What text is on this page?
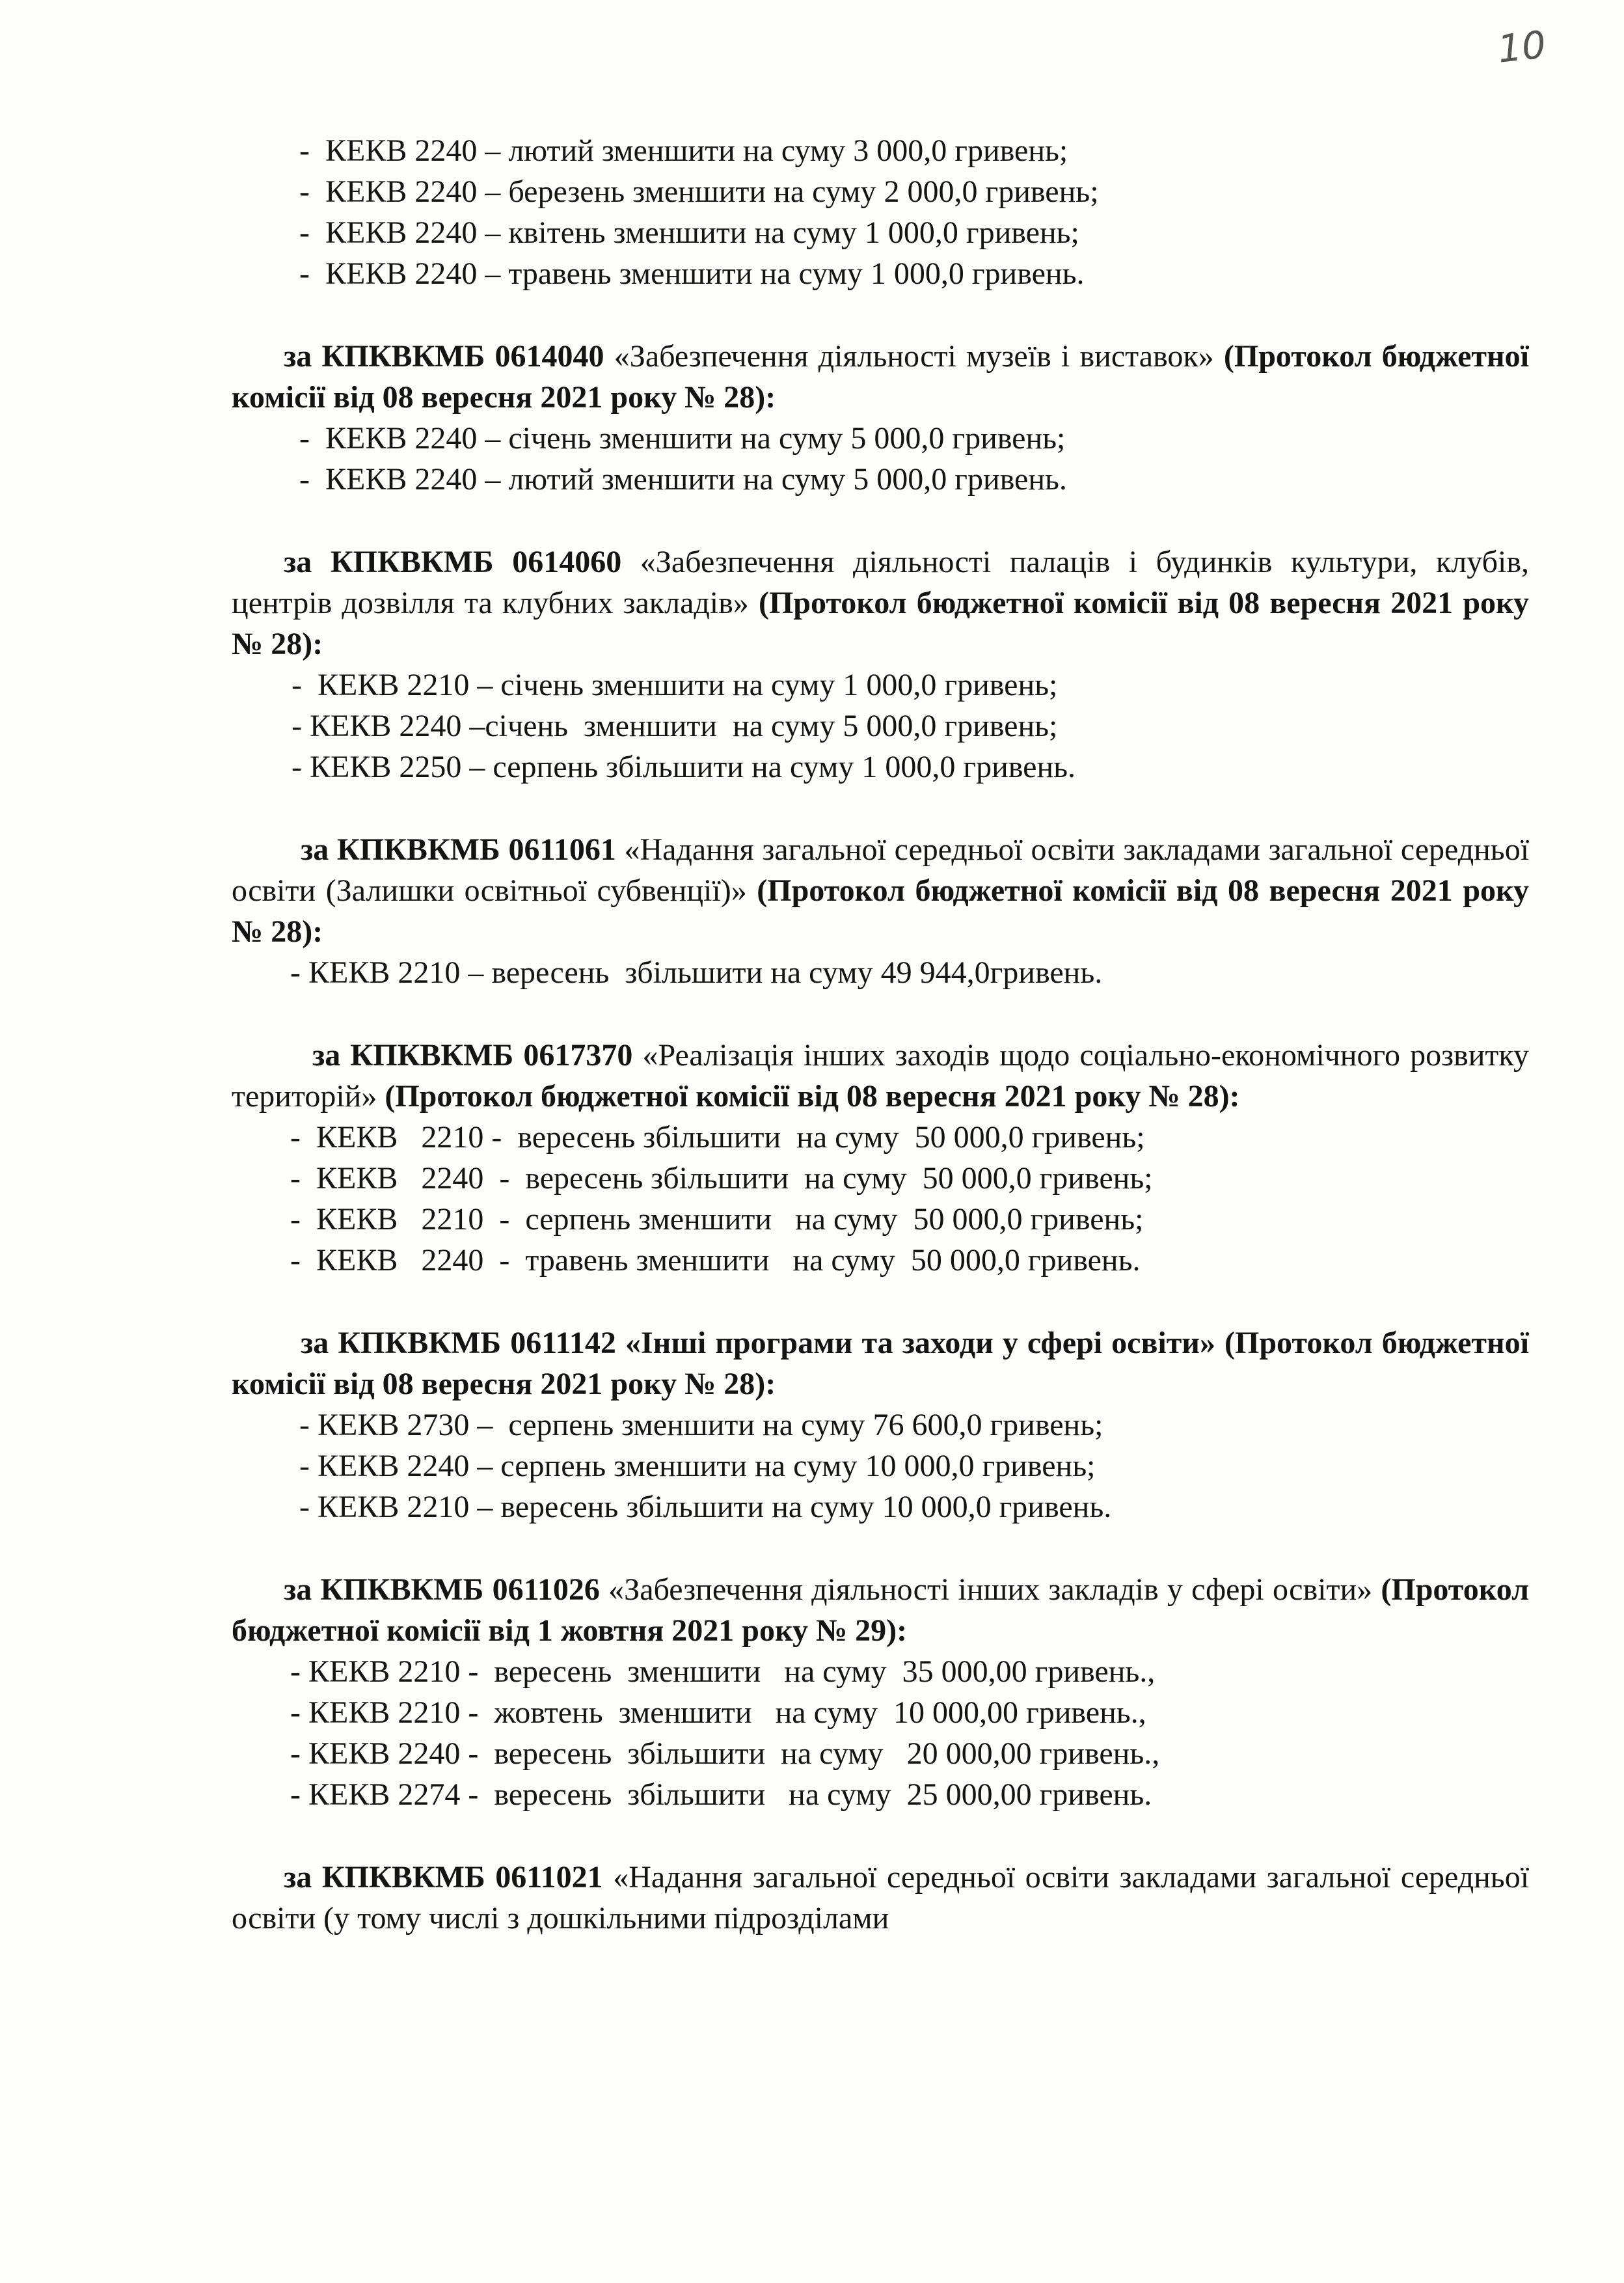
10
-  КЕКВ 2240 – лютий зменшити на суму 3 000,0 гривень;
-  КЕКВ 2240 – березень зменшити на суму 2 000,0 гривень;
-  КЕКВ 2240 – квітень зменшити на суму 1 000,0 гривень;
-  КЕКВ 2240 – травень зменшити на суму 1 000,0 гривень.

за КПКВКМБ 0614040 «Забезпечення діяльності музеїв і виставок» (Протокол бюджетної комісії від 08 вересня 2021 року № 28):

-  КЕКВ 2240 – січень зменшити на суму 5 000,0 гривень;
-  КЕКВ 2240 – лютий зменшити на суму 5 000,0 гривень.

за КПКВКМБ 0614060 «Забезпечення діяльності палаців і будинків культури, клубів, центрів дозвілля та клубних закладів» (Протокол бюджетної комісії від 08 вересня 2021 року № 28):

-  КЕКВ 2210 – січень зменшити на суму 1 000,0 гривень;
- КЕКВ 2240 –січень  зменшити  на суму 5 000,0 гривень;
- КЕКВ 2250 – серпень збільшити на суму 1 000,0 гривень.

за КПКВКМБ 0611061 «Надання загальної середньої освіти закладами загальної середньої освіти (Залишки освітньої субвенції)» (Протокол бюджетної комісії від 08 вересня 2021 року № 28):

- КЕКВ 2210 – вересень  збільшити на суму 49 944,0гривень.

за КПКВКМБ 0617370 «Реалізація інших заходів щодо соціально-економічного розвитку територій» (Протокол бюджетної комісії від 08 вересня 2021 року № 28):

-  КЕКВ   2210 -  вересень збільшити  на суму  50 000,0 гривень;
-  КЕКВ   2240  -  вересень збільшити  на суму  50 000,0 гривень;
-  КЕКВ   2210  -  серпень зменшити   на суму  50 000,0 гривень;
-  КЕКВ   2240  -  травень зменшити   на суму  50 000,0 гривень.

за КПКВКМБ 0611142 «Інші програми та заходи у сфері освіти» (Протокол бюджетної комісії від 08 вересня 2021 року № 28):

- КЕКВ 2730 –  серпень зменшити на суму 76 600,0 гривень;
- КЕКВ 2240 – серпень зменшити на суму 10 000,0 гривень;
- КЕКВ 2210 – вересень збільшити на суму 10 000,0 гривень.

за КПКВКМБ 0611026 «Забезпечення діяльності інших закладів у сфері освіти» (Протокол бюджетної комісії від 1 жовтня 2021 року № 29):

- КЕКВ 2210 -  вересень  зменшити   на суму  35 000,00 гривень.,
- КЕКВ 2210 -  жовтень  зменшити   на суму  10 000,00 гривень.,
- КЕКВ 2240 -  вересень  збільшити  на суму   20 000,00 гривень.,
- КЕКВ 2274 -  вересень  збільшити   на суму  25 000,00 гривень.

за КПКВКМБ 0611021 «Надання загальної середньої освіти закладами загальної середньої освіти (у тому числі з дошкільними підрозділами
